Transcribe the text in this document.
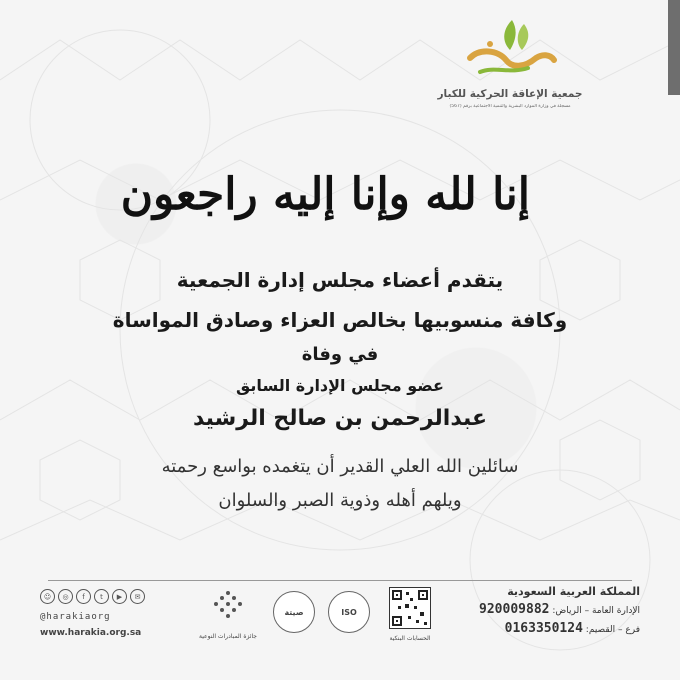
جمعية الإعاقة الحركية للكبار
مسجلة في وزارة الموارد البشرية والتنمية الاجتماعية برقم (567)
إنا لله وإنا إليه راجعون
يتقدم أعضاء مجلس إدارة الجمعية
وكافة منسوبيها بخالص العزاء وصادق المواساة
في وفاة
عضو مجلس الإدارة السابق
عبدالرحمن بن صالح الرشيد
سائلين الله العلي القدير أن يتغمده بواسع رحمته
ويلهم أهله وذوية الصبر والسلوان
المملكة العربية السعودية
الإدارة العامة – الرياض: 920009882
فرع – القصيم: 0163350124
الحسابات البنكية
ISO
صيتة
جائزة المبادرات النوعية
☺	◎	f	t	▶	✉
@harakiaorg
www.harakia.org.sa
